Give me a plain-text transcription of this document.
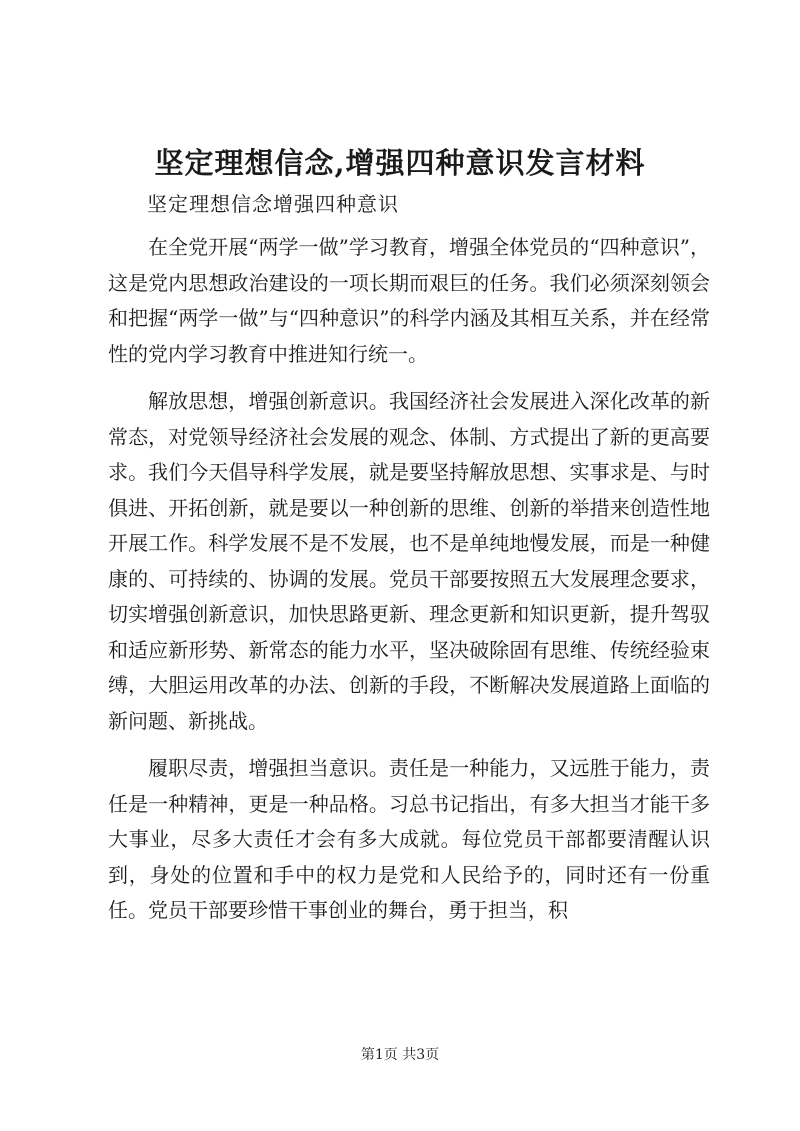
坚定理想信念,增强四种意识发言材料

坚定理想信念增强四种意识

在全党开展“两学一做”学习教育，增强全体党员的“四种意识”，这是党内思想政治建设的一项长期而艰巨的任务。我们必须深刻领会和把握“两学一做”与“四种意识”的科学内涵及其相互关系，并在经常性的党内学习教育中推进知行统一。

解放思想，增强创新意识。我国经济社会发展进入深化改革的新常态，对党领导经济社会发展的观念、体制、方式提出了新的更高要求。我们今天倡导科学发展，就是要坚持解放思想、实事求是、与时俱进、开拓创新，就是要以一种创新的思维、创新的举措来创造性地开展工作。科学发展不是不发展，也不是单纯地慢发展，而是一种健康的、可持续的、协调的发展。党员干部要按照五大发展理念要求，切实增强创新意识，加快思路更新、理念更新和知识更新，提升驾驭和适应新形势、新常态的能力水平，坚决破除固有思维、传统经验束缚，大胆运用改革的办法、创新的手段，不断解决发展道路上面临的新问题、新挑战。

履职尽责，增强担当意识。责任是一种能力，又远胜于能力，责任是一种精神，更是一种品格。习总书记指出，有多大担当才能干多大事业，尽多大责任才会有多大成就。每位党员干部都要清醒认识到，身处的位置和手中的权力是党和人民给予的，同时还有一份重任。党员干部要珍惜干事创业的舞台，勇于担当，积

第1页 共3页
